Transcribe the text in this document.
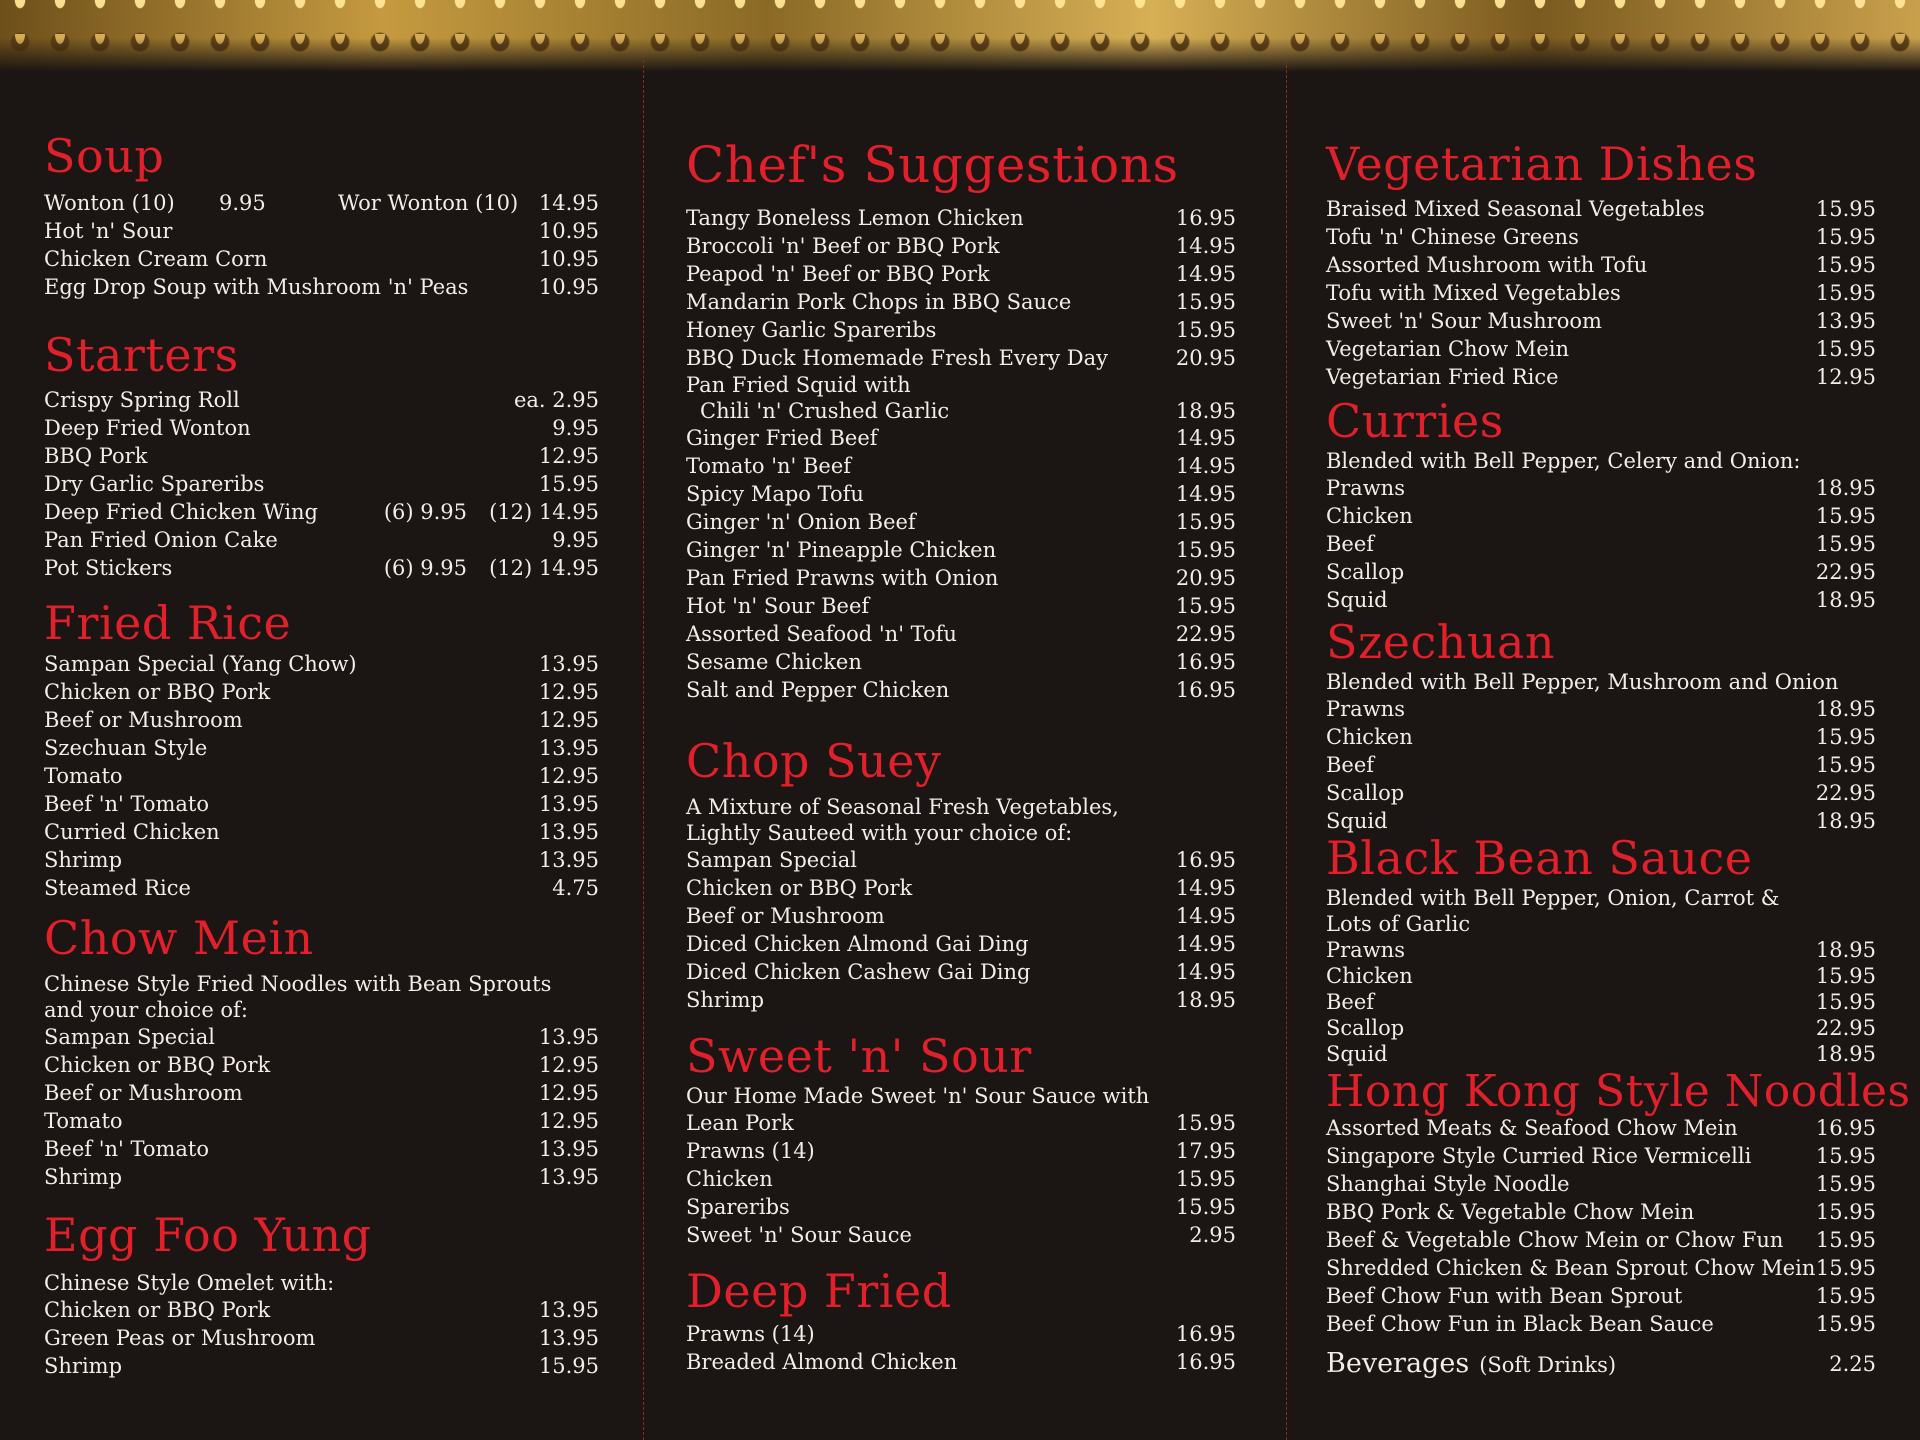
Soup
Wonton (10) 9.95	Wor Wonton (10) 14.95
Hot 'n' Sour	10.95
Chicken Cream Corn	10.95
Egg Drop Soup with Mushroom 'n' Peas	10.95
Starters
Crispy Spring Roll	ea. 2.95
Deep Fried Wonton	9.95
BBQ Pork	12.95
Dry Garlic Spareribs	15.95
Deep Fried Chicken Wing	(6) 9.95 (12) 14.95
Pan Fried Onion Cake	9.95
Pot Stickers	(6) 9.95 (12) 14.95
Fried Rice
Sampan Special (Yang Chow)	13.95
Chicken or BBQ Pork	12.95
Beef or Mushroom	12.95
Szechuan Style	13.95
Tomato	12.95
Beef 'n' Tomato	13.95
Curried Chicken	13.95
Shrimp	13.95
Steamed Rice	4.75
Chow Mein
Chinese Style Fried Noodles with Bean Sprouts
and your choice of:
Sampan Special	13.95
Chicken or BBQ Pork	12.95
Beef or Mushroom	12.95
Tomato	12.95
Beef 'n' Tomato	13.95
Shrimp	13.95
Egg Foo Yung
Chinese Style Omelet with:
Chicken or BBQ Pork	13.95
Green Peas or Mushroom	13.95
Shrimp	15.95
Chef's Suggestions
Tangy Boneless Lemon Chicken	16.95
Broccoli 'n' Beef or BBQ Pork	14.95
Peapod 'n' Beef or BBQ Pork	14.95
Mandarin Pork Chops in BBQ Sauce	15.95
Honey Garlic Spareribs	15.95
BBQ Duck Homemade Fresh Every Day	20.95
Pan Fried Squid with
Chili 'n' Crushed Garlic	18.95
Ginger Fried Beef	14.95
Tomato 'n' Beef	14.95
Spicy Mapo Tofu	14.95
Ginger 'n' Onion Beef	15.95
Ginger 'n' Pineapple Chicken	15.95
Pan Fried Prawns with Onion	20.95
Hot 'n' Sour Beef	15.95
Assorted Seafood 'n' Tofu	22.95
Sesame Chicken	16.95
Salt and Pepper Chicken	16.95
Chop Suey
A Mixture of Seasonal Fresh Vegetables,
Lightly Sauteed with your choice of:
Sampan Special	16.95
Chicken or BBQ Pork	14.95
Beef or Mushroom	14.95
Diced Chicken Almond Gai Ding	14.95
Diced Chicken Cashew Gai Ding	14.95
Shrimp	18.95
Sweet 'n' Sour
Our Home Made Sweet 'n' Sour Sauce with
Lean Pork	15.95
Prawns (14)	17.95
Chicken	15.95
Spareribs	15.95
Sweet 'n' Sour Sauce	2.95
Deep Fried
Prawns (14)	16.95
Breaded Almond Chicken	16.95
Vegetarian Dishes
Braised Mixed Seasonal Vegetables	15.95
Tofu 'n' Chinese Greens	15.95
Assorted Mushroom with Tofu	15.95
Tofu with Mixed Vegetables	15.95
Sweet 'n' Sour Mushroom	13.95
Vegetarian Chow Mein	15.95
Vegetarian Fried Rice	12.95
Curries
Blended with Bell Pepper, Celery and Onion:
Prawns	18.95
Chicken	15.95
Beef	15.95
Scallop	22.95
Squid	18.95
Szechuan
Blended with Bell Pepper, Mushroom and Onion
Prawns	18.95
Chicken	15.95
Beef	15.95
Scallop	22.95
Squid	18.95
Black Bean Sauce
Blended with Bell Pepper, Onion, Carrot &
Lots of Garlic
Prawns	18.95
Chicken	15.95
Beef	15.95
Scallop	22.95
Squid	18.95
Hong Kong Style Noodles
Assorted Meats & Seafood Chow Mein	16.95
Singapore Style Curried Rice Vermicelli	15.95
Shanghai Style Noodle	15.95
BBQ Pork & Vegetable Chow Mein	15.95
Beef & Vegetable Chow Mein or Chow Fun 15.95
Shredded Chicken & Bean Sprout Chow Mein 15.95
Beef Chow Fun with Bean Sprout	15.95
Beef Chow Fun in Black Bean Sauce	15.95
Beverages (Soft Drinks)	2.25
